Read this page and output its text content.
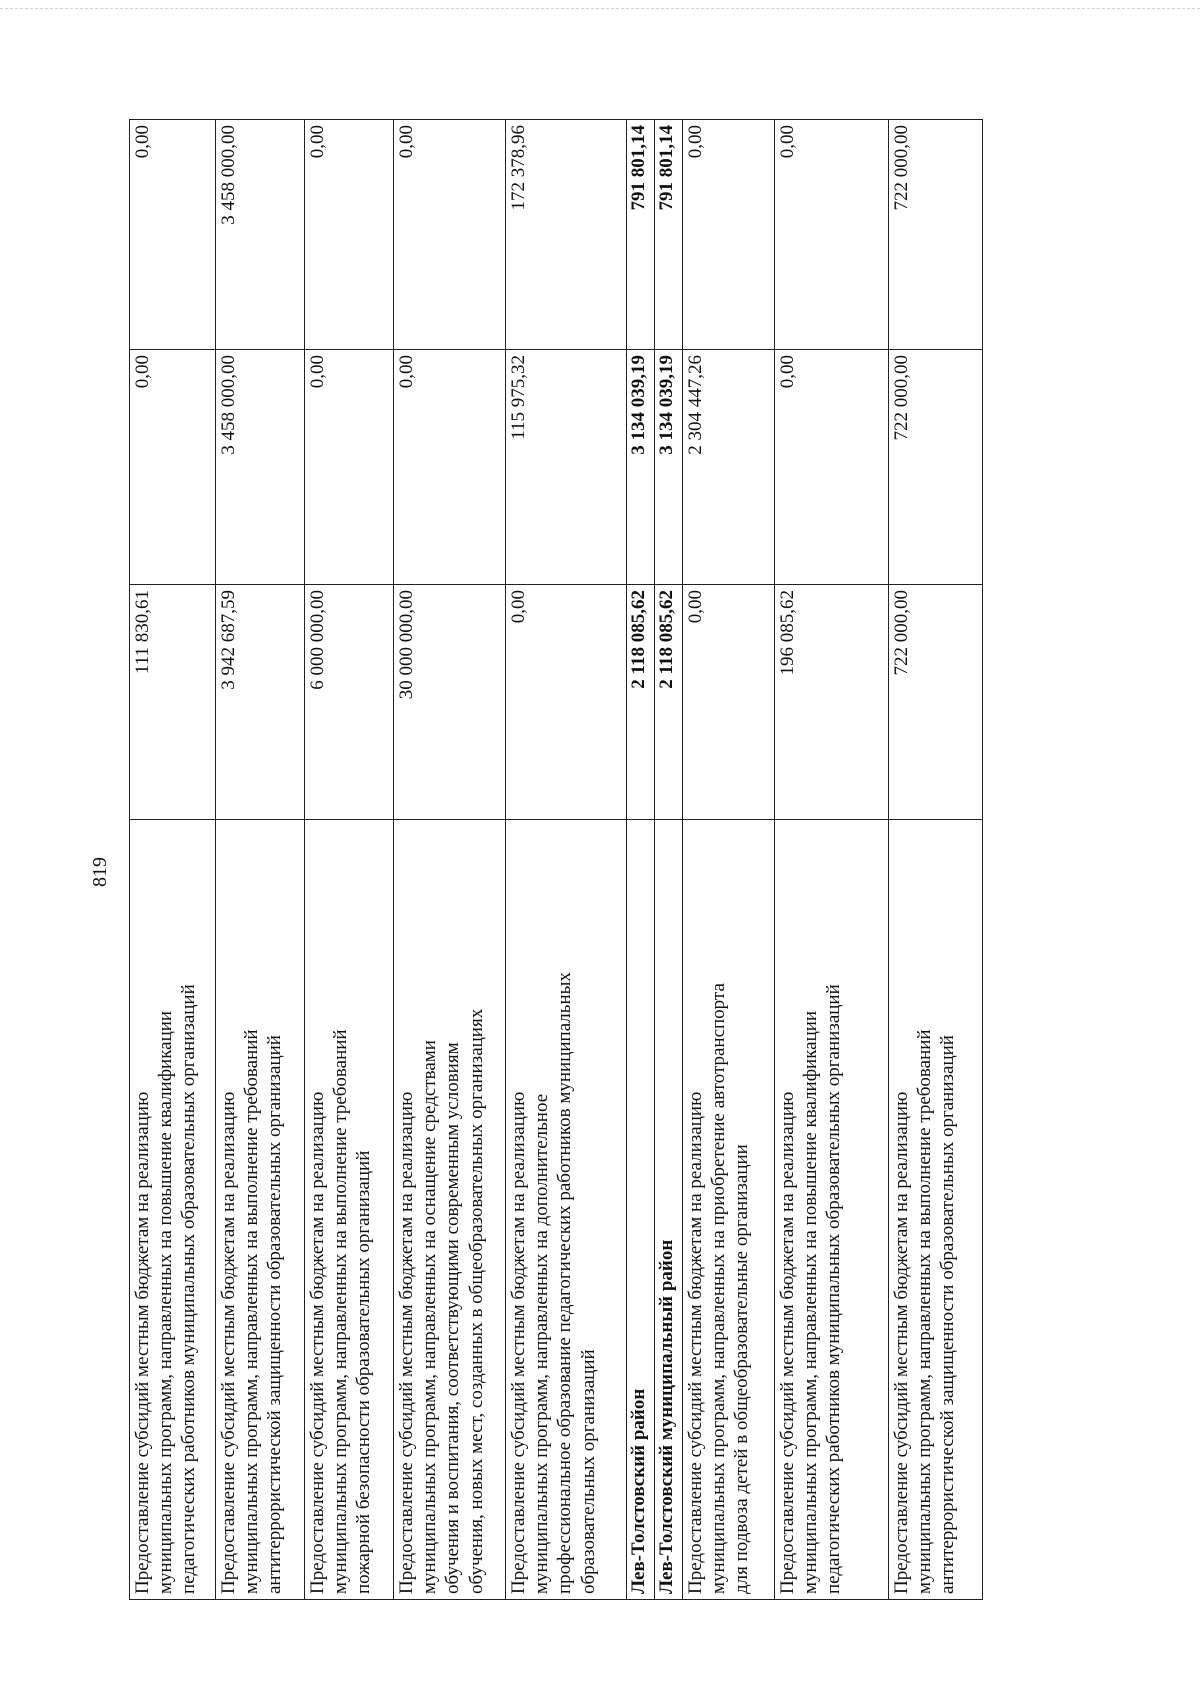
819
Предоставление субсидий местным бюджетам на реализацию
муниципальных программ, направленных на повышение квалификации
педагогических работников муниципальных образовательных организаций	111 830,61	0,00	0,00
Предоставление субсидий местным бюджетам на реализацию
муниципальных программ, направленных на выполнение требований
антитеррористической защищенности образовательных организаций	3 942 687,59	3 458 000,00	3 458 000,00
Предоставление субсидий местным бюджетам на реализацию
муниципальных программ, направленных на выполнение требований
пожарной безопасности образовательных организаций	6 000 000,00	0,00	0,00
Предоставление субсидий местным бюджетам на реализацию
муниципальных программ, направленных на оснащение средствами
обучения и воспитания, соответствующими современным условиям
обучения, новых мест, созданных в общеобразовательных организациях	30 000 000,00	0,00	0,00
Предоставление субсидий местным бюджетам на реализацию
муниципальных программ, направленных на дополнительное
профессиональное образование педагогических работников муниципальных
образовательных организаций	0,00	115 975,32	172 378,96
Лев-Толстовский район	2 118 085,62	3 134 039,19	791 801,14
Лев-Толстовский муниципальный район	2 118 085,62	3 134 039,19	791 801,14
Предоставление субсидий местным бюджетам на реализацию
муниципальных программ, направленных на приобретение автотранспорта
для подвоза детей в общеобразовательные организации	0,00	2 304 447,26	0,00
Предоставление субсидий местным бюджетам на реализацию
муниципальных программ, направленных на повышение квалификации
педагогических работников муниципальных образовательных организаций	196 085,62	0,00	0,00
Предоставление субсидий местным бюджетам на реализацию
муниципальных программ, направленных на выполнение требований
антитеррористической защищенности образовательных организаций	722 000,00	722 000,00	722 000,00
